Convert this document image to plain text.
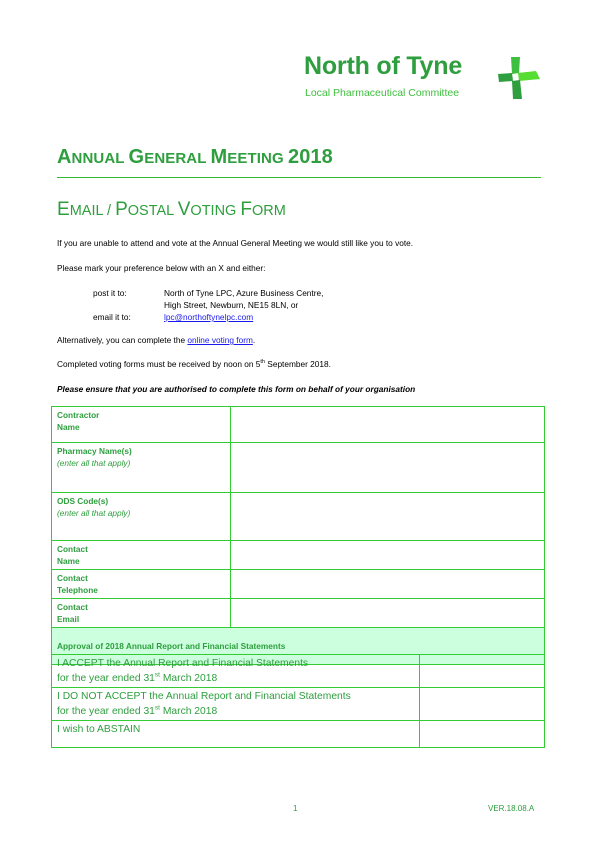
North of Tyne
Local Pharmaceutical Committee
ANNUAL GENERAL MEETING 2018
EMAIL / POSTAL VOTING FORM
If you are unable to attend and vote at the Annual General Meeting we would still like you to vote.
Please mark your preference below with an X and either:
post it to:	North of Tyne LPC, Azure Business Centre,
High Street, Newburn, NE15 8LN, or
email it to:	lpc@northoftynelpc.com
Alternatively, you can complete the online voting form.
Completed voting forms must be received by noon on 5th September 2018.
Please ensure that you are authorised to complete this form on behalf of your organisation
Contractor
Name	
Pharmacy Name(s)
(enter all that apply)	

ODS Code(s)
(enter all that apply)	

Contact
Name	
Contact
Telephone	
Contact
Email	
Approval of 2018 Annual Report and Financial Statements	
I ACCEPT the Annual Report and Financial Statements
for the year ended 31st March 2018	
I DO NOT ACCEPT the Annual Report and Financial Statements
for the year ended 31st March 2018	
I wish to ABSTAIN	
1	VER.18.08.A
